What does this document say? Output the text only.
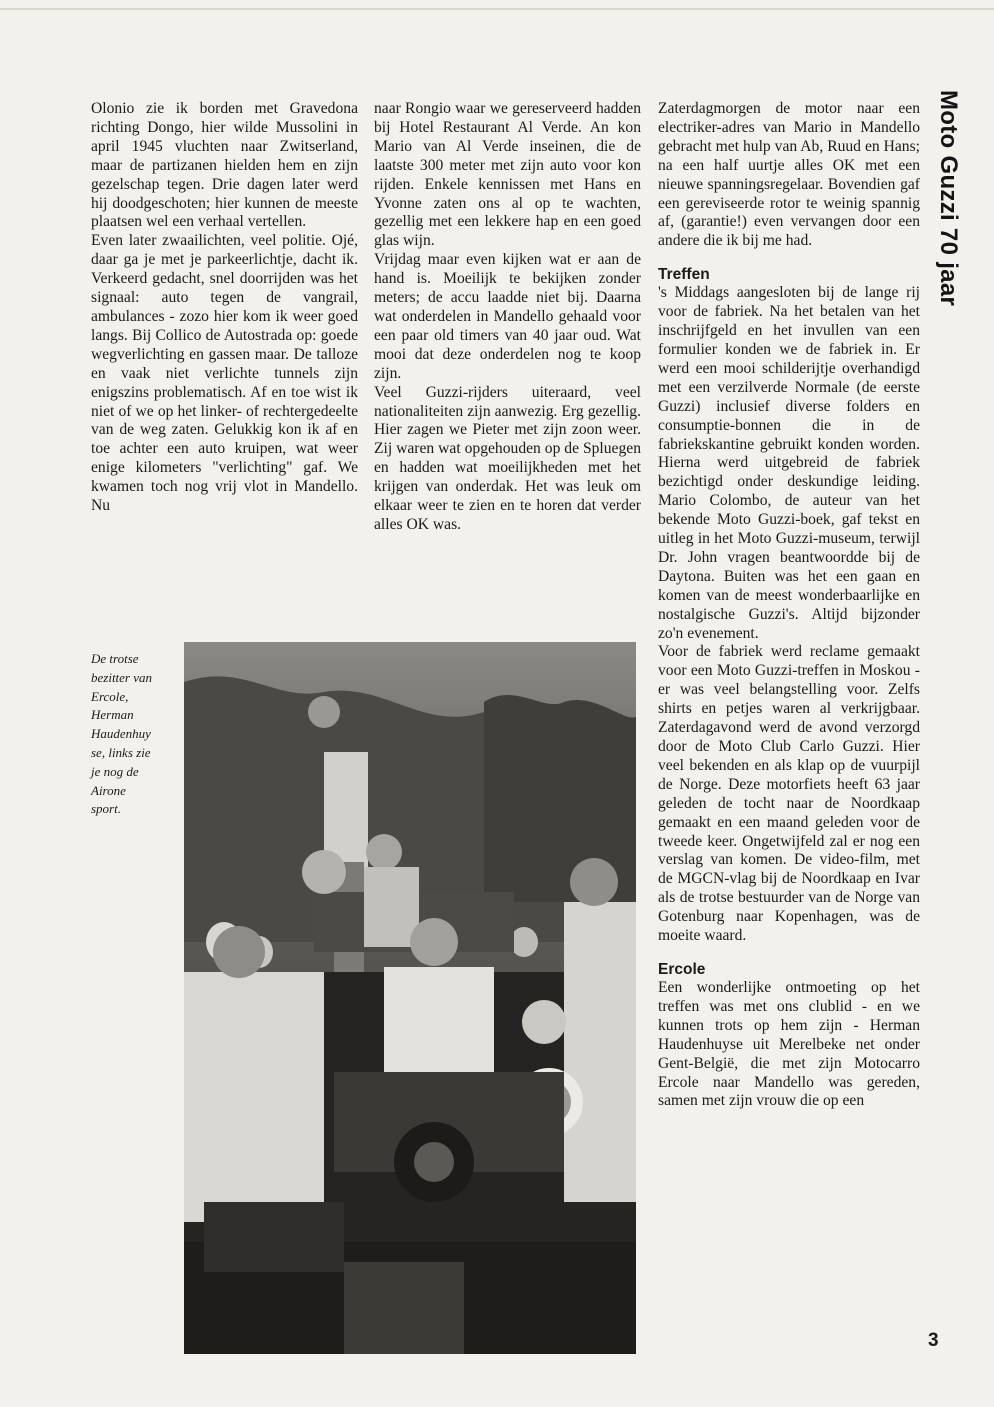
Olonio zie ik borden met Gravedona richting Dongo, hier wilde Mussolini in april 1945 vluchten naar Zwitserland, maar de partizanen hielden hem en zijn gezelschap tegen. Drie dagen later werd hij doodgeschoten; hier kunnen de meeste plaatsen wel een verhaal vertellen.

Even later zwaailichten, veel politie. Ojé, daar ga je met je parkeerlichtje, dacht ik. Verkeerd gedacht, snel doorrijden was het signaal: auto tegen de vangrail, ambulances - zozo hier kom ik weer goed langs. Bij Collico de Autostrada op: goede wegverlichting en gassen maar. De talloze en vaak niet verlichte tunnels zijn enigszins problematisch. Af en toe wist ik niet of we op het linker- of rechtergedeelte van de weg zaten. Gelukkig kon ik af en toe achter een auto kruipen, wat weer enige kilometers "verlichting" gaf. We kwamen toch nog vrij vlot in Mandello. Nu

naar Rongio waar we gereserveerd hadden bij Hotel Restaurant Al Verde. An kon Mario van Al Verde inseinen, die de laatste 300 meter met zijn auto voor kon rijden. Enkele kennissen met Hans en Yvonne zaten ons al op te wachten, gezellig met een lekkere hap en een goed glas wijn.

Vrijdag maar even kijken wat er aan de hand is. Moeilijk te bekijken zonder meters; de accu laadde niet bij. Daarna wat onderdelen in Mandello gehaald voor een paar old timers van 40 jaar oud. Wat mooi dat deze onderdelen nog te koop zijn.

Veel Guzzi-rijders uiteraard, veel nationaliteiten zijn aanwezig. Erg gezellig. Hier zagen we Pieter met zijn zoon weer. Zij waren wat opgehouden op de Spluegen en hadden wat moeilijkheden met het krijgen van onderdak. Het was leuk om elkaar weer te zien en te horen dat verder alles OK was.

Zaterdagmorgen de motor naar een electriker-adres van Mario in Mandello gebracht met hulp van Ab, Ruud en Hans; na een half uurtje alles OK met een nieuwe spanningsregelaar. Bovendien gaf een gereviseerde rotor te weinig spannig af, (garantie!) even vervangen door een andere die ik bij me had.

Treffen

's Middags aangesloten bij de lange rij voor de fabriek. Na het betalen van het inschrijfgeld en het invullen van een formulier konden we de fabriek in. Er werd een mooi schilderijtje overhandigd met een verzilverde Normale (de eerste Guzzi) inclusief diverse folders en consumptie-bonnen die in de fabriekskantine gebruikt konden worden. Hierna werd uitgebreid de fabriek bezichtigd onder deskundige leiding. Mario Colombo, de auteur van het bekende Moto Guzzi-boek, gaf tekst en uitleg in het Moto Guzzi-museum, terwijl Dr. John vragen beantwoordde bij de Daytona. Buiten was het een gaan en komen van de meest wonderbaarlijke en nostalgische Guzzi's. Altijd bijzonder zo'n evenement.

Voor de fabriek werd reclame gemaakt voor een Moto Guzzi-treffen in Moskou - er was veel belangstelling voor. Zelfs shirts en petjes waren al verkrijgbaar. Zaterdagavond werd de avond verzorgd door de Moto Club Carlo Guzzi. Hier veel bekenden en als klap op de vuurpijl de Norge. Deze motorfiets heeft 63 jaar geleden de tocht naar de Noordkaap gemaakt en een maand geleden voor de tweede keer. Ongetwijfeld zal er nog een verslag van komen. De video-film, met de MGCN-vlag bij de Noordkaap en Ivar als de trotse bestuurder van de Norge van Gotenburg naar Kopenhagen, was de moeite waard.

Ercole

Een wonderlijke ontmoeting op het treffen was met ons clublid - en we kunnen trots op hem zijn - Herman Haudenhuyse uit Merelbeke net onder Gent-België, die met zijn Motocarro Ercole naar Mandello was gereden, samen met zijn vrouw die op een

De trotse
bezitter van
Ercole,
Herman
Haudenhuy
se, links zie
je nog de
Airone
sport.
Moto Guzzi 70 jaar
3
